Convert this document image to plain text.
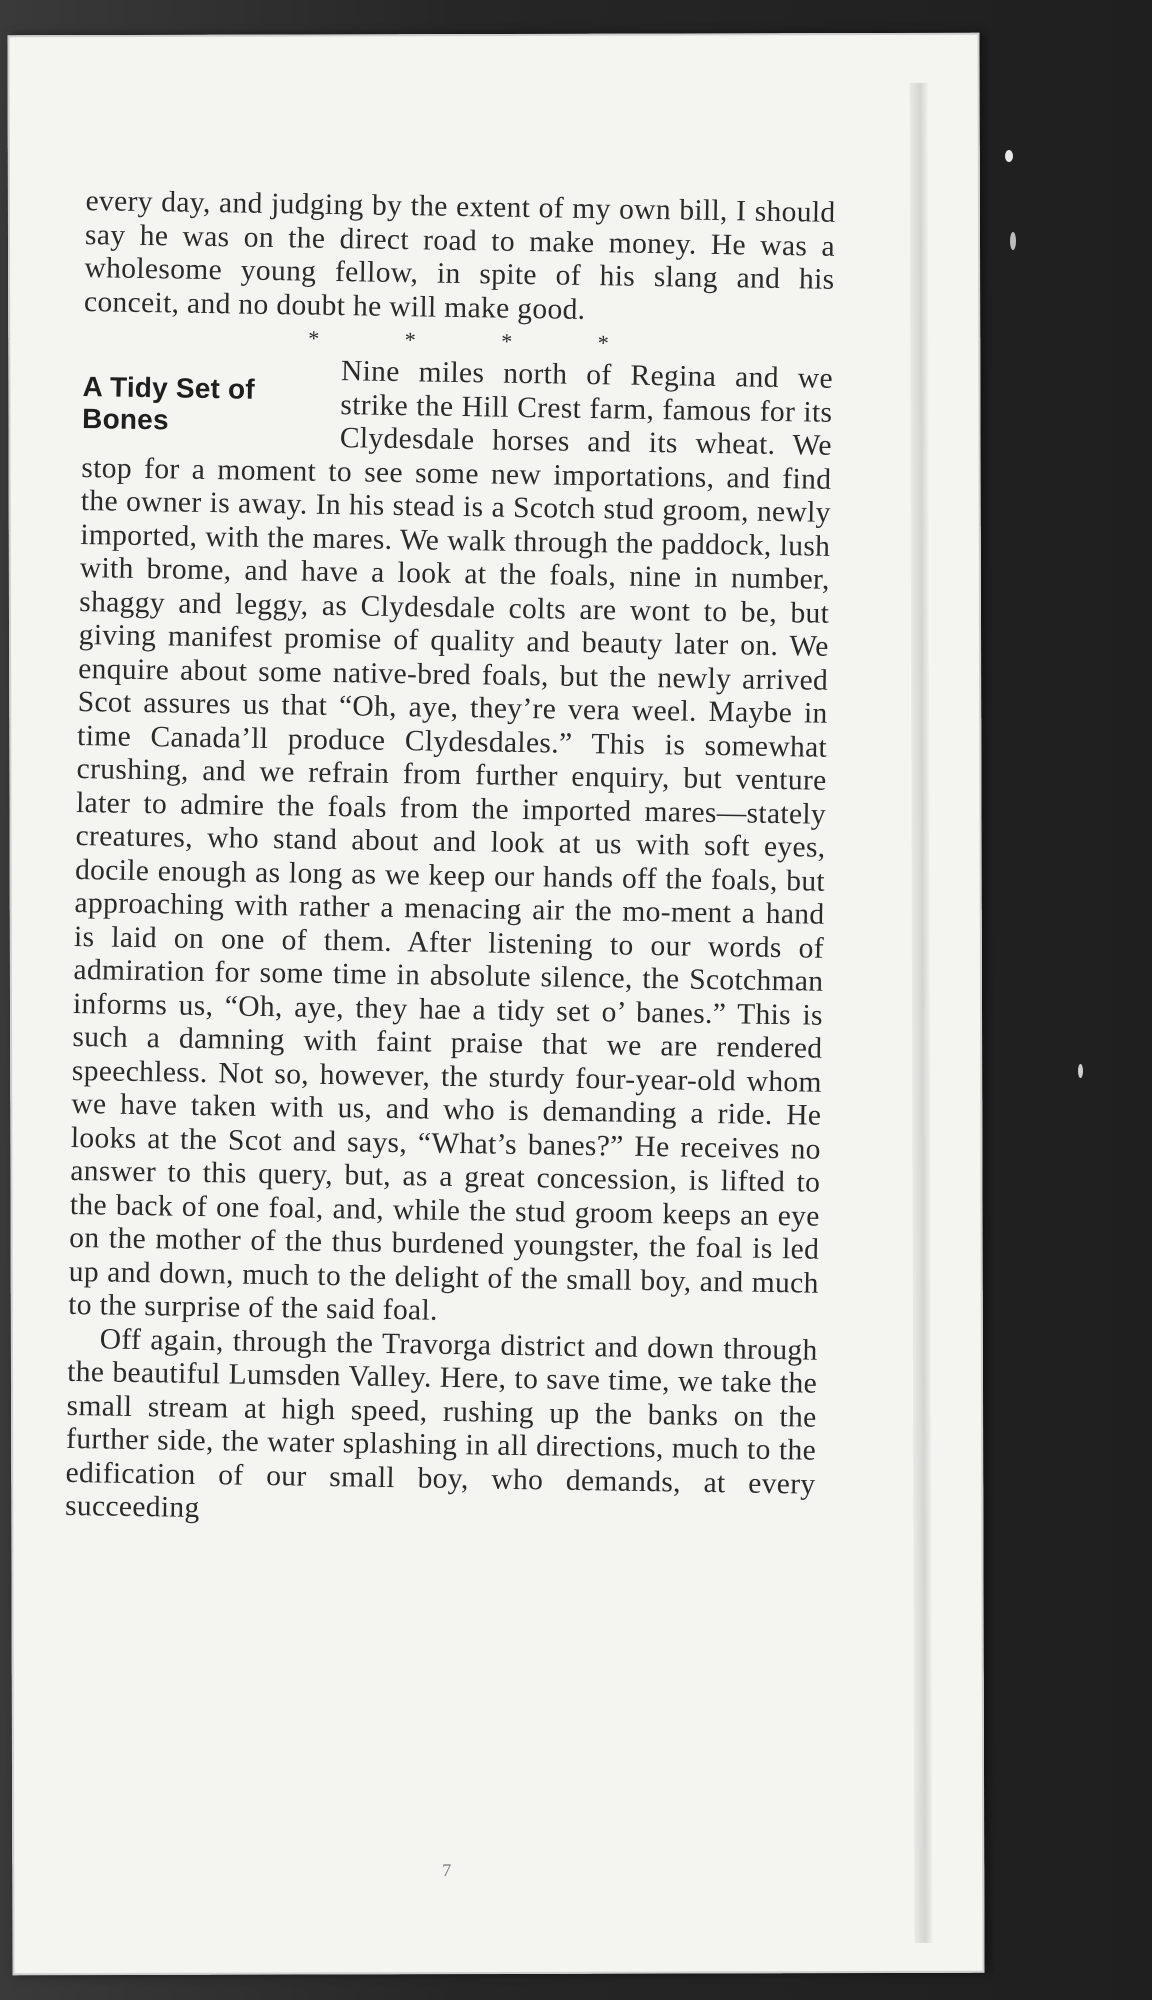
every day, and judging by the extent of my own bill, I should say he was on the direct road to make money. He was a wholesome young fellow, in spite of his slang and his conceit, and no doubt he will make good.

* * * *
A Tidy Set of
Bones

Nine miles north of Regina and we strike the Hill Crest farm, famous for its Clydesdale horses and its wheat. We stop for a moment to see some new importations, and find the owner is away. In his stead is a Scotch stud groom, newly imported, with the mares. We walk through the paddock, lush with brome, and have a look at the foals, nine in number, shaggy and leggy, as Clydesdale colts are wont to be, but giving manifest promise of quality and beauty later on. We enquire about some native-bred foals, but the newly arrived Scot assures us that “Oh, aye, they’re vera weel. Maybe in time Canada’ll produce Clydesdales.” This is somewhat crushing, and we refrain from further enquiry, but venture later to admire the foals from the imported mares—stately creatures, who stand about and look at us with soft eyes, docile enough as long as we keep our hands off the foals, but approaching with rather a menacing air the mo-ment a hand is laid on one of them. After listening to our words of admiration for some time in absolute silence, the Scotchman informs us, “Oh, aye, they hae a tidy set o’ banes.” This is such a damning with faint praise that we are rendered speechless. Not so, however, the sturdy four-year-old whom we have taken with us, and who is demanding a ride. He looks at the Scot and says, “What’s banes?” He receives no answer to this query, but, as a great concession, is lifted to the back of one foal, and, while the stud groom keeps an eye on the mother of the thus burdened youngster, the foal is led up and down, much to the delight of the small boy, and much to the surprise of the said foal.

Off again, through the Travorga district and down through the beautiful Lumsden Valley. Here, to save time, we take the small stream at high speed, rushing up the banks on the further side, the water splashing in all directions, much to the edification of our small boy, who demands, at every succeeding

7
